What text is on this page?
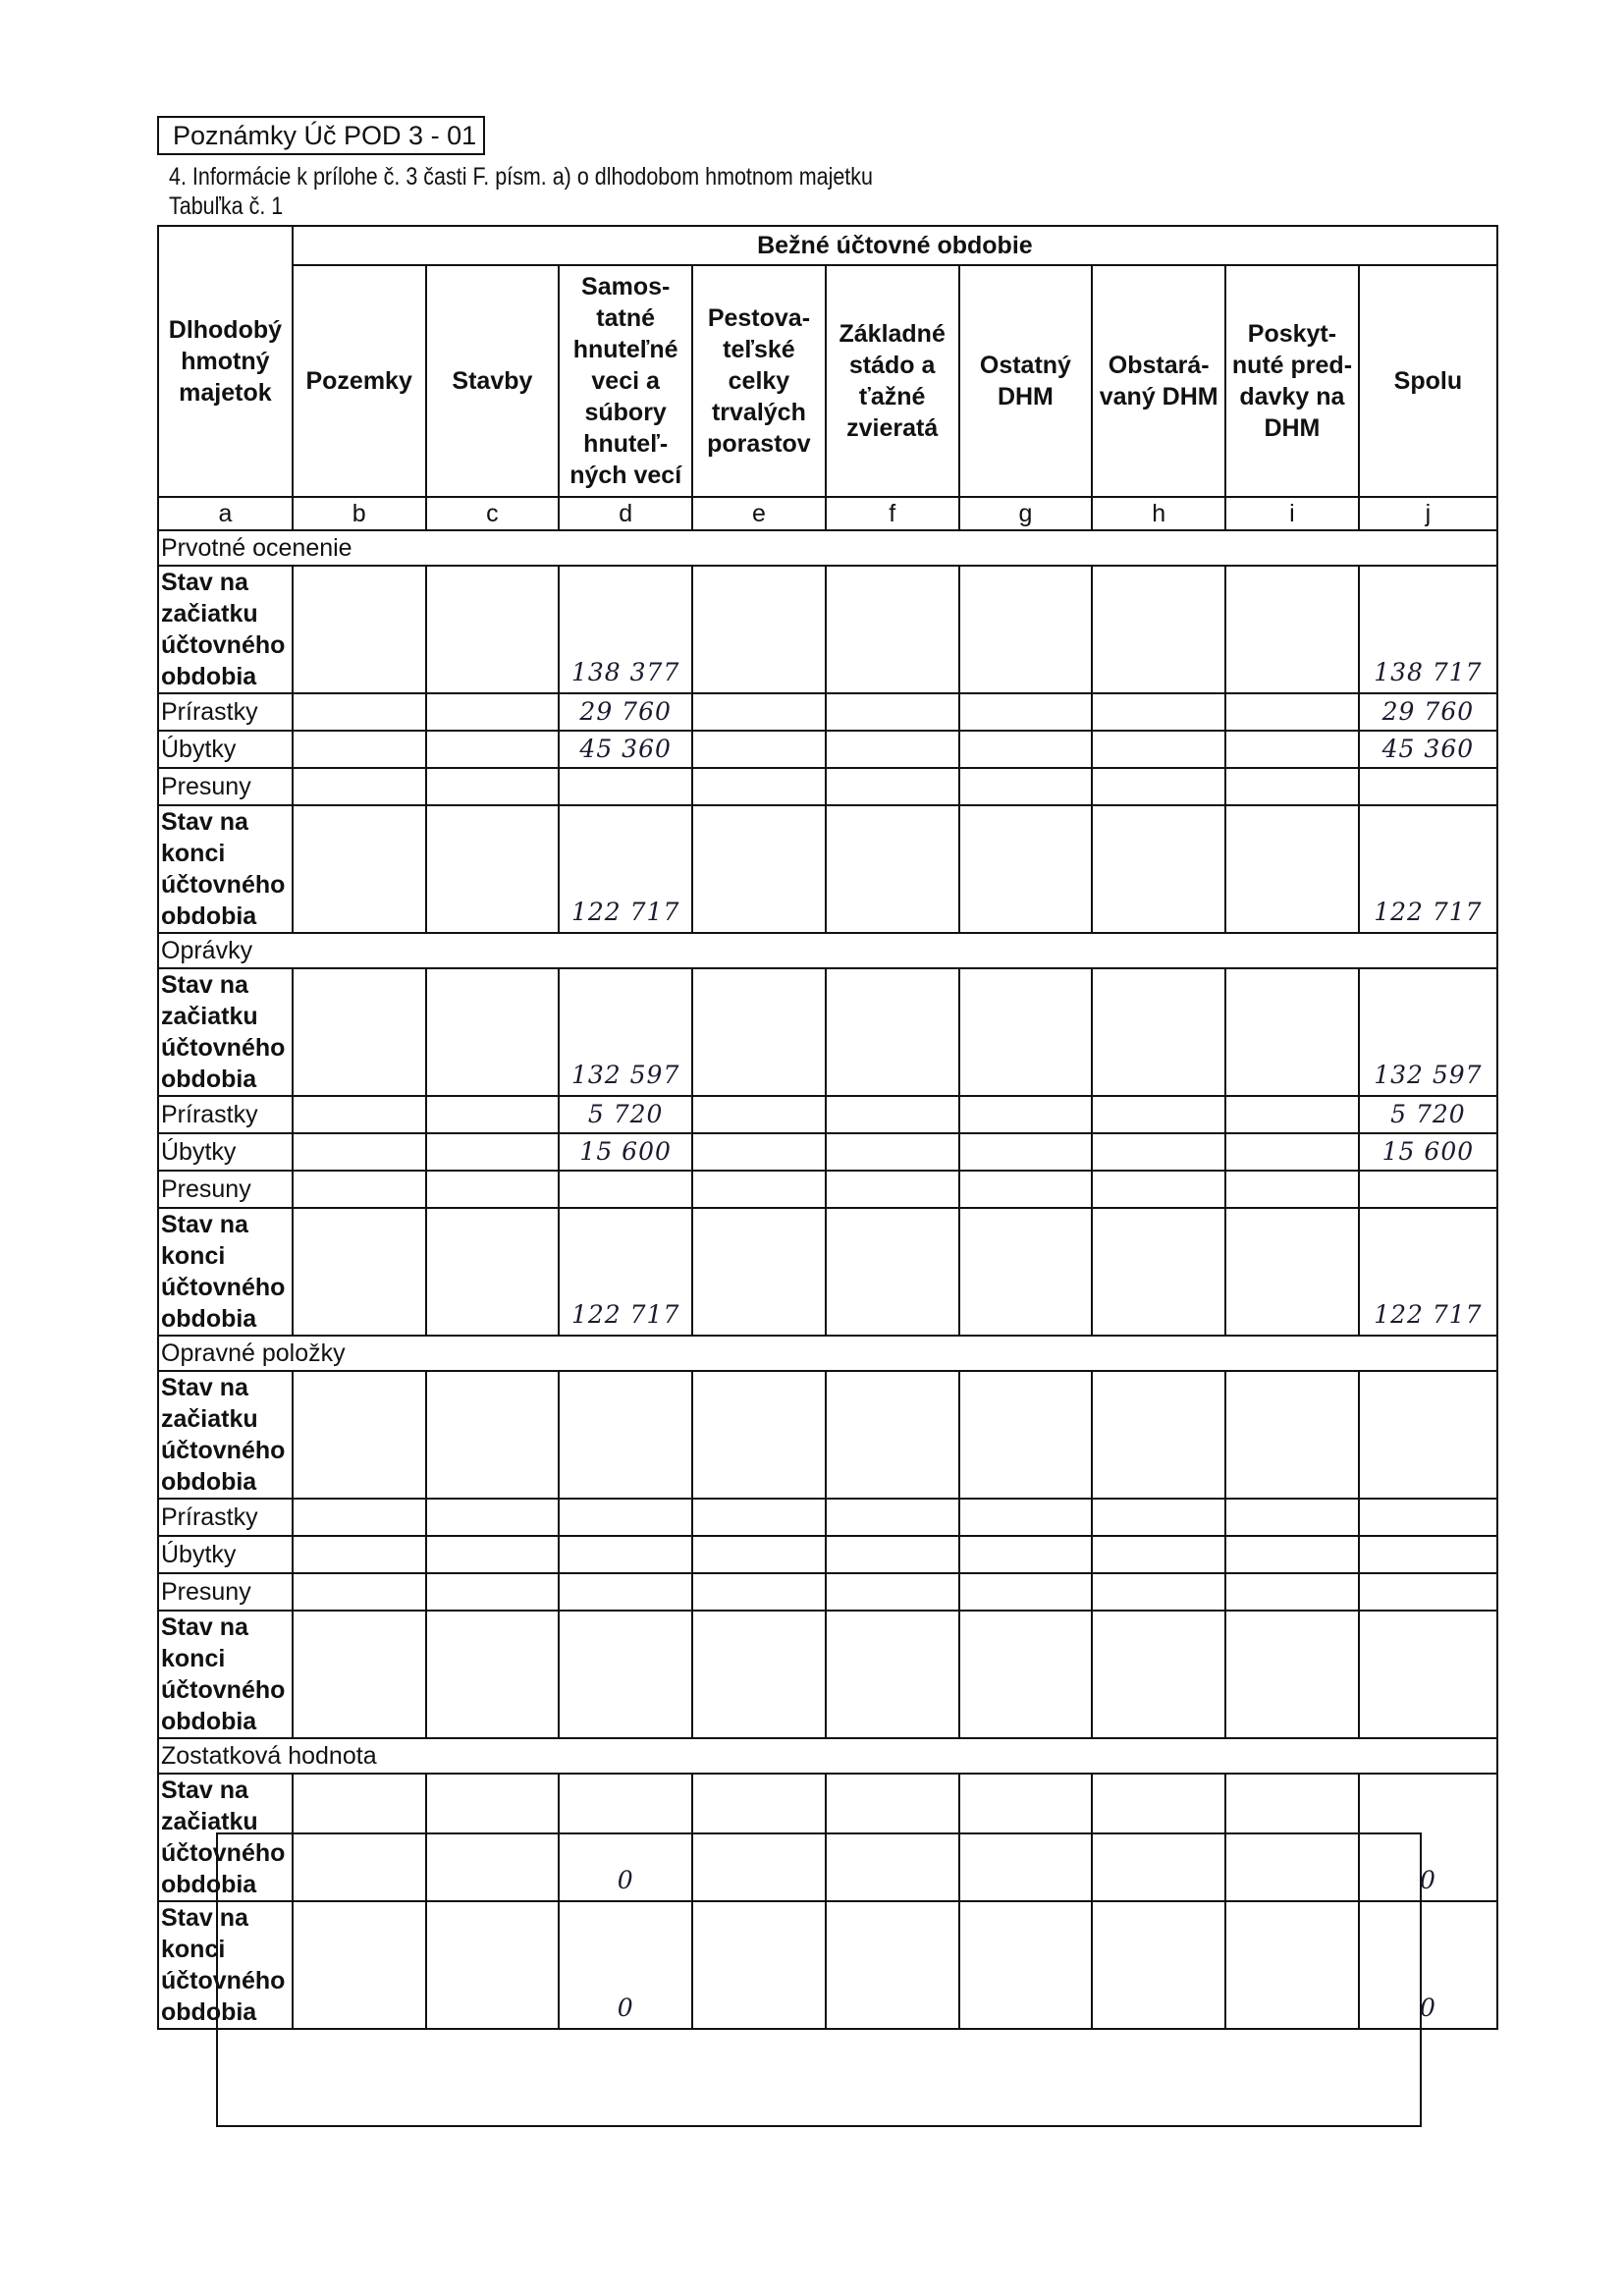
Poznámky Úč POD 3 - 01
4. Informácie k prílohe č. 3 časti F. písm. a) o dlhodobom hmotnom majetku
Tabuľka č. 1
Dlhodobý hmotný majetok	Bežné účtovné obdobie								
	Pozemky	Stavby	Samos-tatné hnuteľné veci a súbory hnuteľ-ných vecí	Pestova-teľské celky trvalých porastov	Základné stádo a ťažné zvieratá	Ostatný DHM	Obstará-vaný DHM	Poskyt-nuté pred-davky na DHM	Spolu
a	b	c	d	e	f	g	h	i	j
Prvotné ocenenie									
Stav na začiatku účtovného obdobia			138 377						138 717
Prírastky			29 760						29 760
Úbytky			45 360						45 360
Presuny									
Stav na konci účtovného obdobia			122 717						122 717
Oprávky									
Stav na začiatku účtovného obdobia			132 597						132 597
Prírastky			5 720						5 720
Úbytky			15 600						15 600
Presuny									
Stav na konci účtovného obdobia			122 717						122 717
Opravné položky									
Stav na začiatku účtovného obdobia									
Prírastky									
Úbytky									
Presuny									
Stav na konci účtovného obdobia									
Zostatková hodnota									
Stav na začiatku účtovného obdobia			0						0
Stav na konci účtovného obdobia			0						0
